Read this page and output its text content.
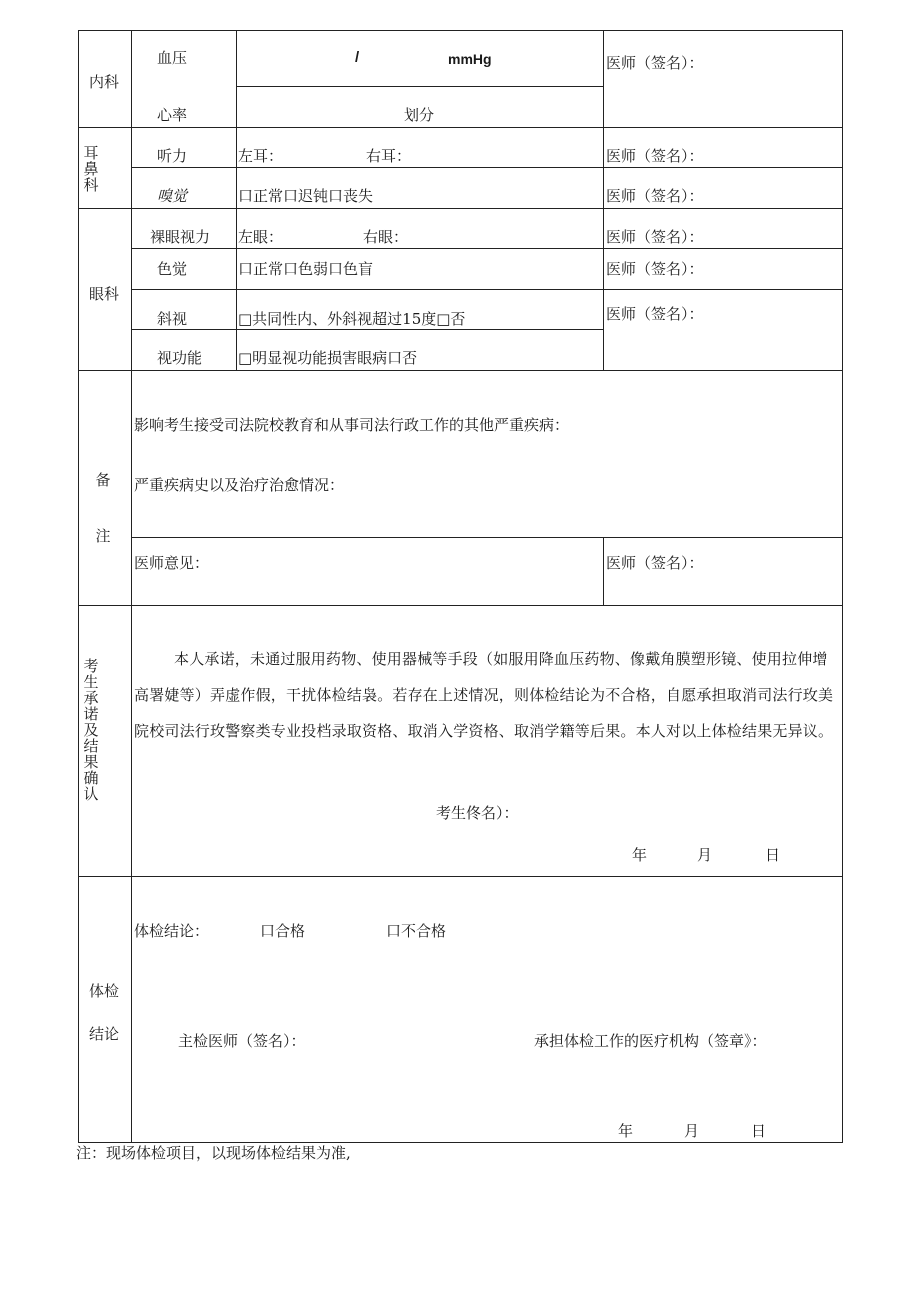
内科
血压	/	mmHg
心率	划分
医师（签名）：
耳鼻科
听力	左耳：	右耳：	医师（签名）：
嗅觉	口正常口迟钝口丧失	医师（签名）：
眼科
裸眼视力 左眼：	右眼：	医师（签名）：
色觉	口正常口色弱口色盲	医师（签名）：
斜视	□共同性内、外斜视超过15度□否	医师（签名）：
视功能 □明显视功能损害眼病口否
备注
影响考生接受司法院校教育和从事司法行政工作的其他严重疾病：
严重疾病史以及治疗治愈情况：
医师意见：	医师（签名）：
考生承诺及结果确认
本人承诺，未通过服用药物、使用器械等手段（如服用降血压药物、像戴角膜塑形镜、使用拉伸增高署婕等）弄虚作假，干扰体检结袅。若存在上述情况，则体检结论为不合格，自愿承担取消司法行玫美院校司法行玫警察类专业投档录取资格、取消入学资格、取消学籍等后果。本人对以上体检结果无异议。
考生佟名）：
年	月	日
体检
结论
体检结论：	口合格	口不合格
主检医师（签名）：	承担体检工作的医疗机构（签章》：
年	月	日
注：现场体检项目，以现场体检结果为准,
